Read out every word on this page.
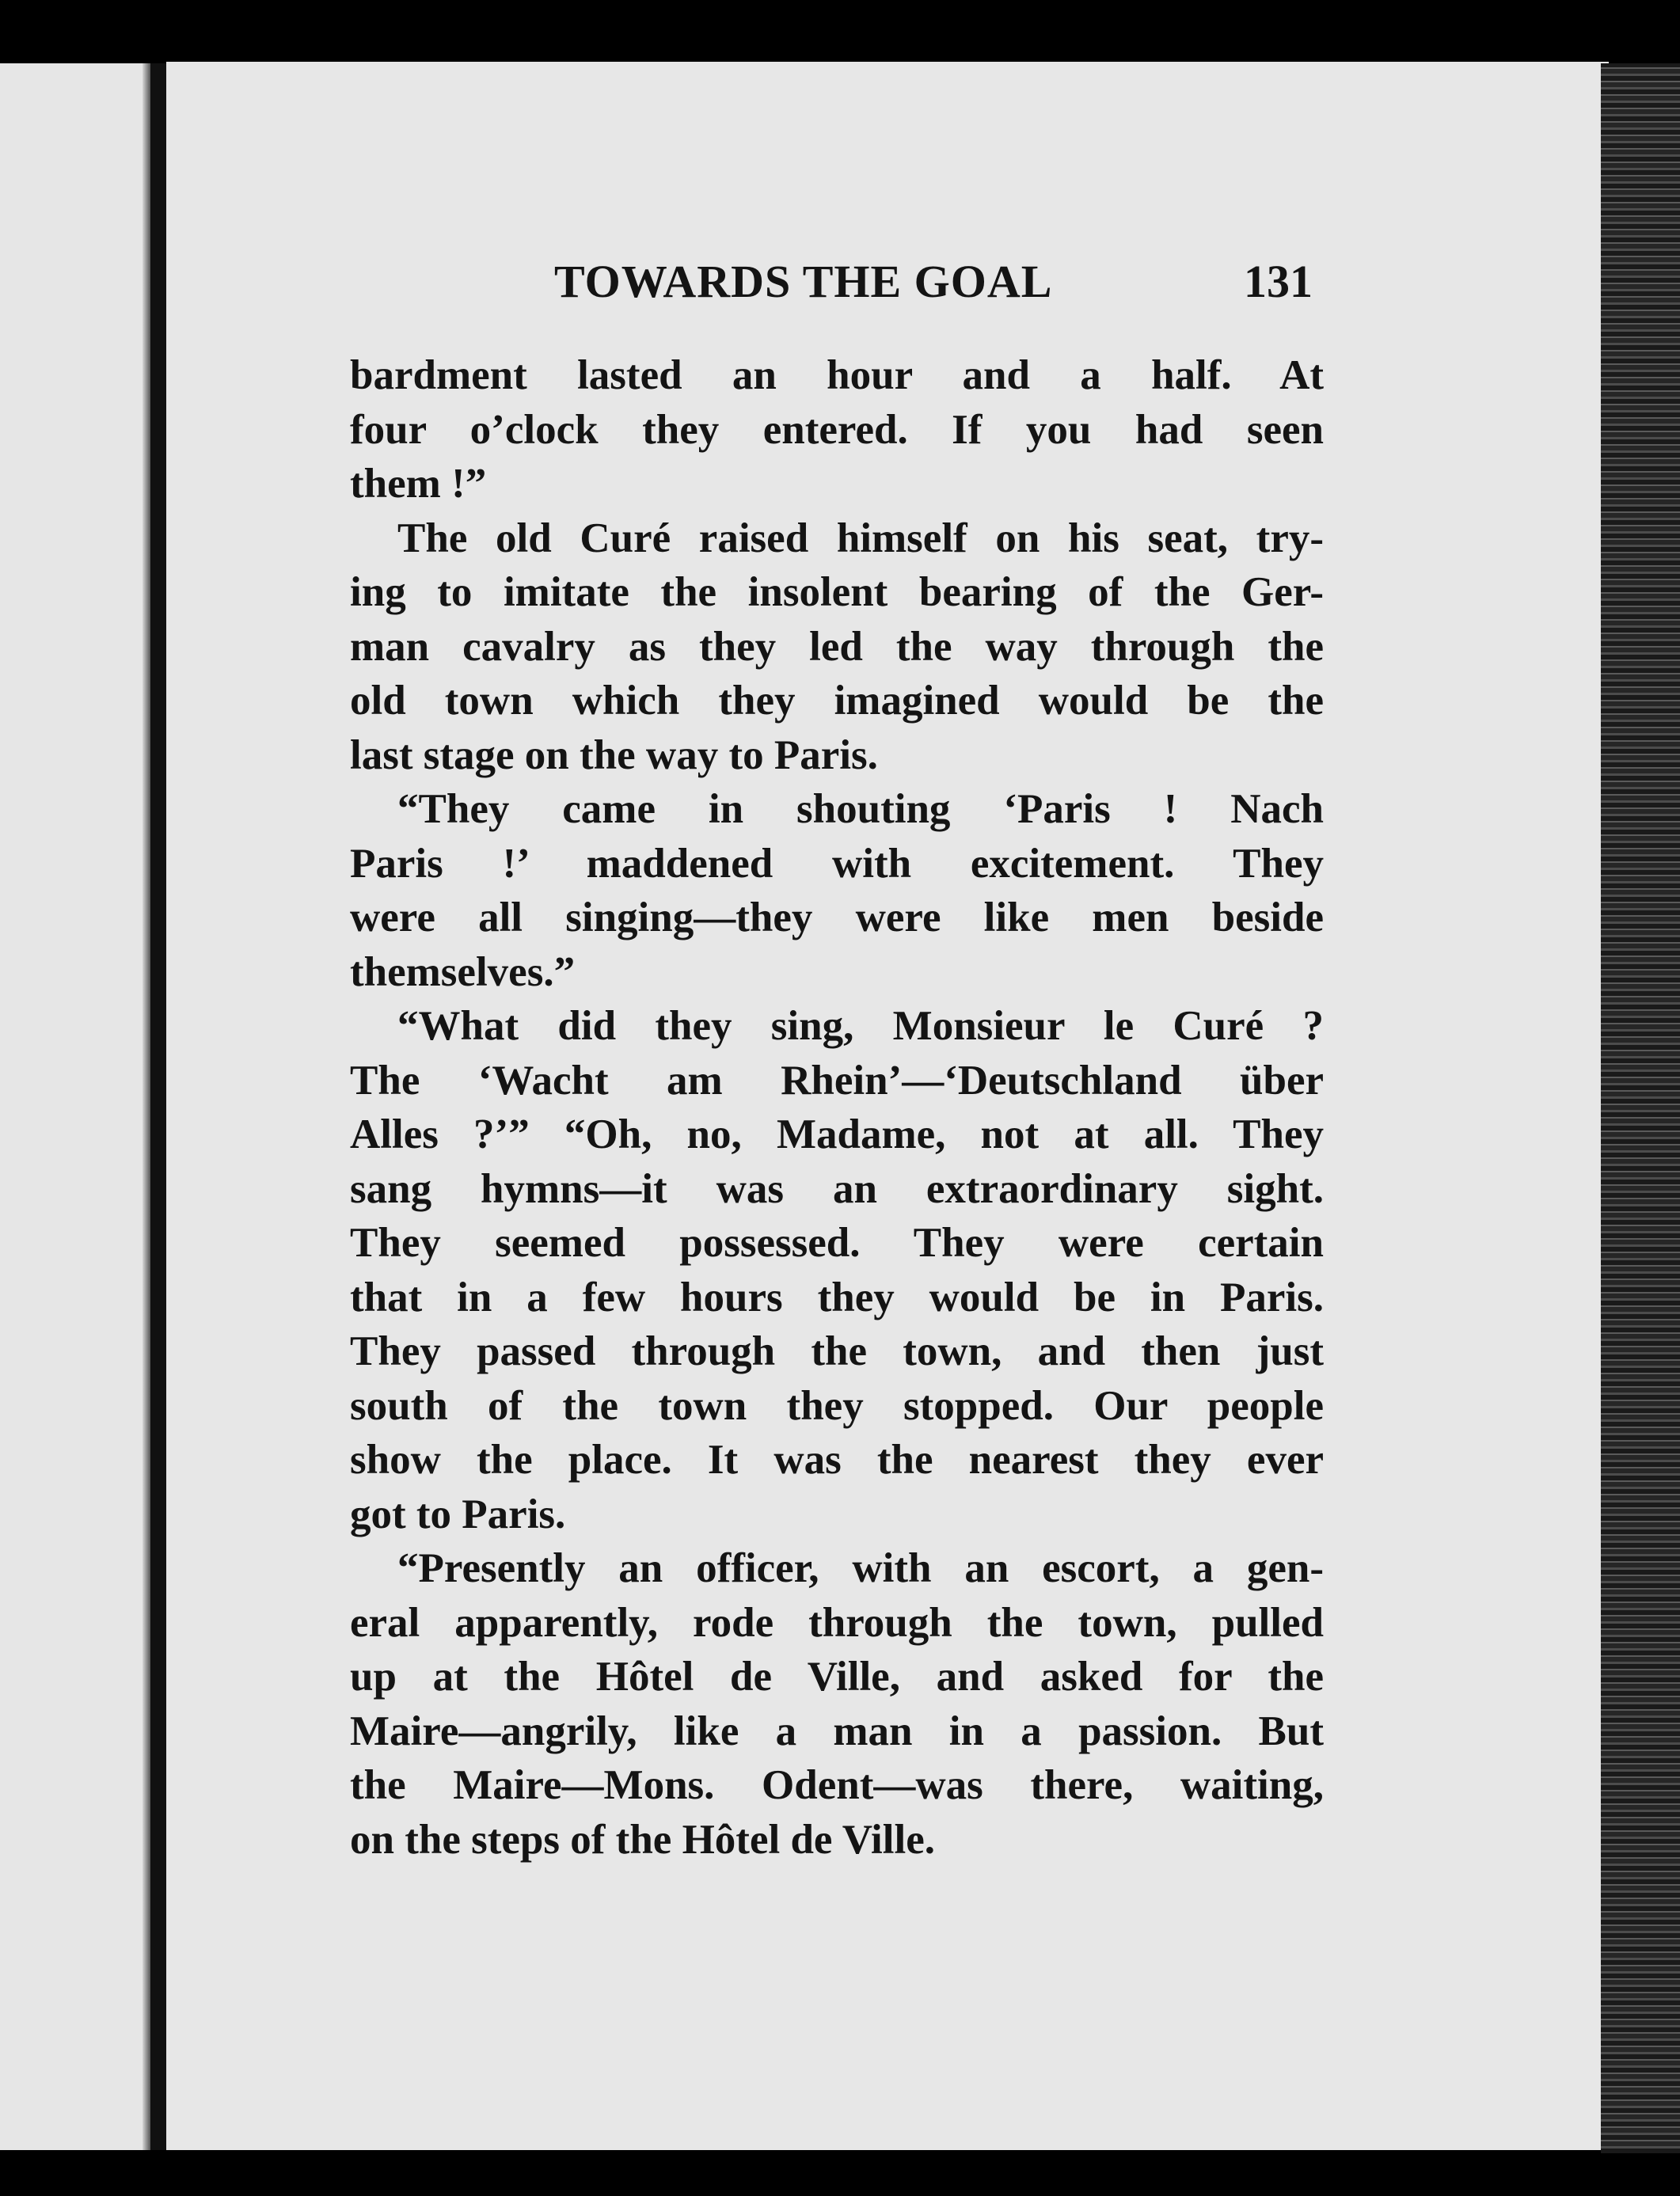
TOWARDS THE GOAL	131
bardment lasted an hour and a half. At
four o’clock they entered. If you had seen
them !”
The old Curé raised himself on his seat, try-
ing to imitate the insolent bearing of the Ger-
man cavalry as they led the way through the
old town which they imagined would be the
last stage on the way to Paris.
“They came in shouting ‘Paris ! Nach
Paris !’ maddened with excitement. They
were all singing—they were like men beside
themselves.”
“What did they sing, Monsieur le Curé ?
The ‘Wacht am Rhein’—‘Deutschland über
Alles ?’” “Oh, no, Madame, not at all. They
sang hymns—it was an extraordinary sight.
They seemed possessed. They were certain
that in a few hours they would be in Paris.
They passed through the town, and then just
south of the town they stopped. Our people
show the place. It was the nearest they ever
got to Paris.
“Presently an officer, with an escort, a gen-
eral apparently, rode through the town, pulled
up at the Hôtel de Ville, and asked for the
Maire—angrily, like a man in a passion. But
the Maire—Mons. Odent—was there, waiting,
on the steps of the Hôtel de Ville.
